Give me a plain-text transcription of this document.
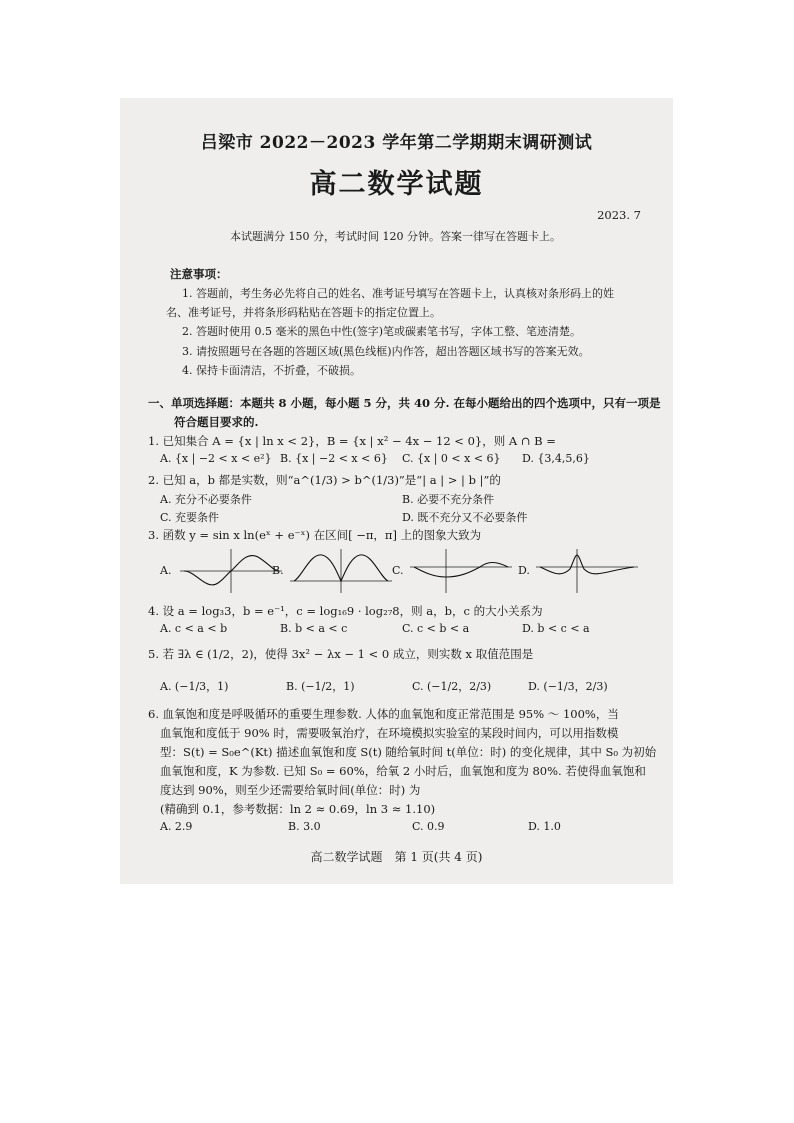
吕梁市 2022－2023 学年第二学期期末调研测试
高二数学试题
2023. 7
本试题满分 150 分，考试时间 120 分钟。答案一律写在答题卡上。
注意事项：
1. 答题前，考生务必先将自己的姓名、准考证号填写在答题卡上，认真核对条形码上的姓
名、准考证号，并将条形码粘贴在答题卡的指定位置上。
2. 答题时使用 0.5 毫米的黑色中性(签字)笔或碳素笔书写，字体工整、笔迹清楚。
3. 请按照题号在各题的答题区域(黑色线框)内作答，超出答题区域书写的答案无效。
4. 保持卡面清洁，不折叠，不破损。
一、单项选择题：本题共 8 小题，每小题 5 分，共 40 分. 在每小题给出的四个选项中，只有一项是
符合题目要求的.
1. 已知集合 A = {x | ln x < 2}，B = {x | x² − 4x − 12 < 0}，则 A ∩ B =
A. {x | −2 < x < e²} B. {x | −2 < x < 6} C. {x | 0 < x < 6} D. {3,4,5,6}
2. 已知 a，b 都是实数，则“a^(1/3) > b^(1/3)”是“| a | > | b |”的
A. 充分不必要条件	B. 必要不充分条件
C. 充要条件	D. 既不充分又不必要条件
3. 函数 y = sin x ln(eˣ + e⁻ˣ) 在区间[ −π，π] 上的图象大致为
A.	B.	C.	D.
4. 设 a = log₃3，b = e⁻¹，c = log₁₆9 · log₂₇8，则 a，b，c 的大小关系为
A. c < a < b	B. b < a < c	C. c < b < a	D. b < c < a
5. 若 ∃λ ∈ (1/2，2)，使得 3x² − λx − 1 < 0 成立，则实数 x 取值范围是
A. (−1/3，1)	B. (−1/2，1)	C. (−1/2，2/3)	D. (−1/3，2/3)
6. 血氧饱和度是呼吸循环的重要生理参数. 人体的血氧饱和度正常范围是 95% ～ 100%，当
血氧饱和度低于 90% 时，需要吸氧治疗，在环境模拟实验室的某段时间内，可以用指数模
型：S(t) = S₀e^(Kt) 描述血氧饱和度 S(t) 随给氧时间 t(单位：时) 的变化规律，其中 S₀ 为初始
血氧饱和度，K 为参数. 已知 S₀ = 60%，给氧 2 小时后，血氧饱和度为 80%. 若使得血氧饱和
度达到 90%，则至少还需要给氧时间(单位：时) 为
(精确到 0.1，参考数据：ln 2 ≈ 0.69，ln 3 ≈ 1.10)
A. 2.9	B. 3.0	C. 0.9	D. 1.0
高二数学试题　第 1 页(共 4 页)
